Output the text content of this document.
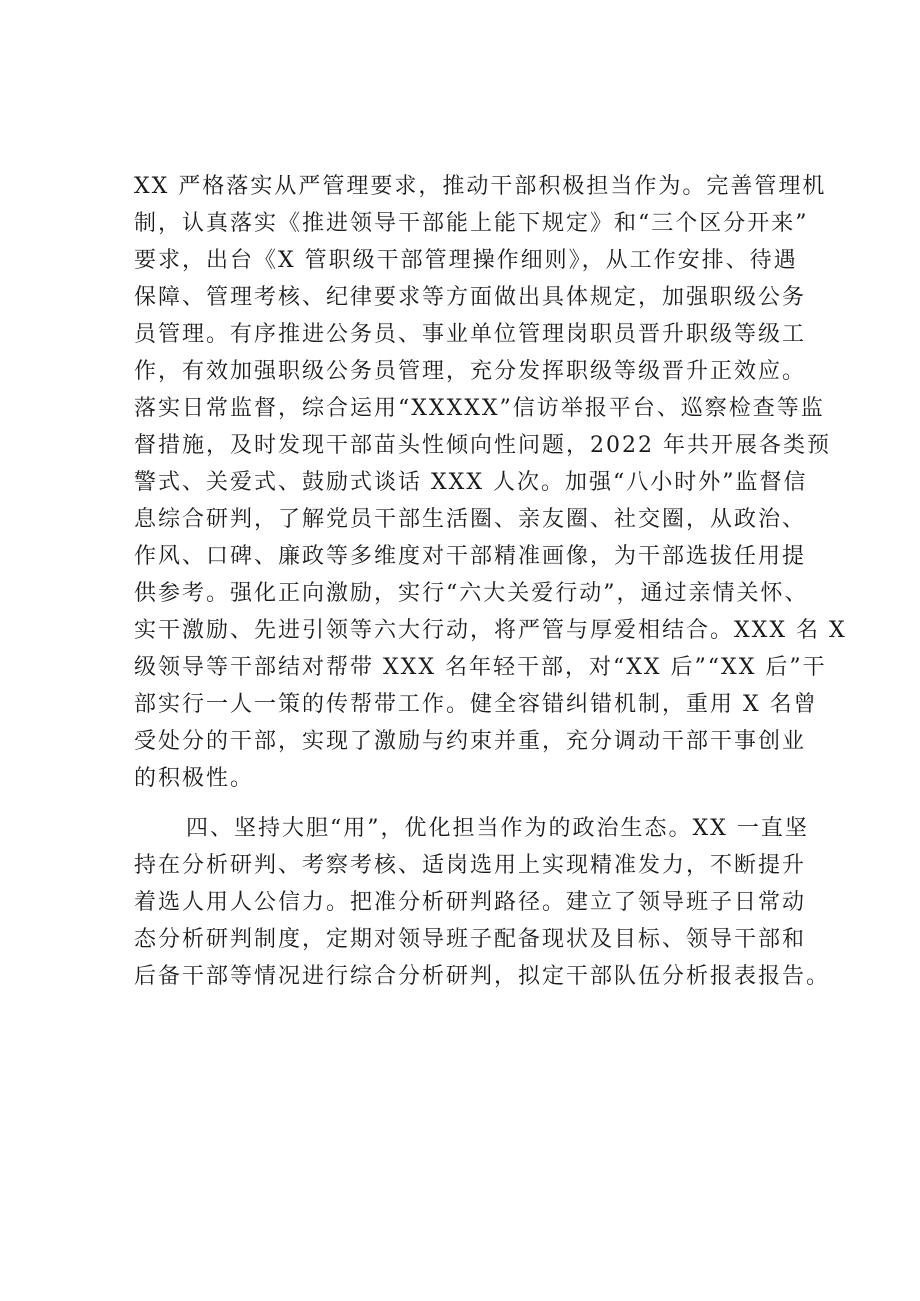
XX 严格落实从严管理要求，推动干部积极担当作为。完善管理机
制，认真落实《推进领导干部能上能下规定》和“三个区分开来”
要求，出台《X 管职级干部管理操作细则》，从工作安排、待遇
保障、管理考核、纪律要求等方面做出具体规定，加强职级公务
员管理。有序推进公务员、事业单位管理岗职员晋升职级等级工
作，有效加强职级公务员管理，充分发挥职级等级晋升正效应。
落实日常监督，综合运用“XXXXX”信访举报平台、巡察检查等监
督措施，及时发现干部苗头性倾向性问题，2022 年共开展各类预
警式、关爱式、鼓励式谈话 XXX 人次。加强“八小时外”监督信
息综合研判，了解党员干部生活圈、亲友圈、社交圈，从政治、
作风、口碑、廉政等多维度对干部精准画像，为干部选拔任用提
供参考。强化正向激励，实行“六大关爱行动”，通过亲情关怀、
实干激励、先进引领等六大行动，将严管与厚爱相结合。XXX 名 X
级领导等干部结对帮带 XXX 名年轻干部，对“XX 后”“XX 后”干
部实行一人一策的传帮带工作。健全容错纠错机制，重用 X 名曾
受处分的干部，实现了激励与约束并重，充分调动干部干事创业
的积极性。
四、坚持大胆“用”，优化担当作为的政治生态。XX 一直坚
持在分析研判、考察考核、适岗选用上实现精准发力，不断提升
着选人用人公信力。把准分析研判路径。建立了领导班子日常动
态分析研判制度，定期对领导班子配备现状及目标、领导干部和
后备干部等情况进行综合分析研判，拟定干部队伍分析报表报告。
